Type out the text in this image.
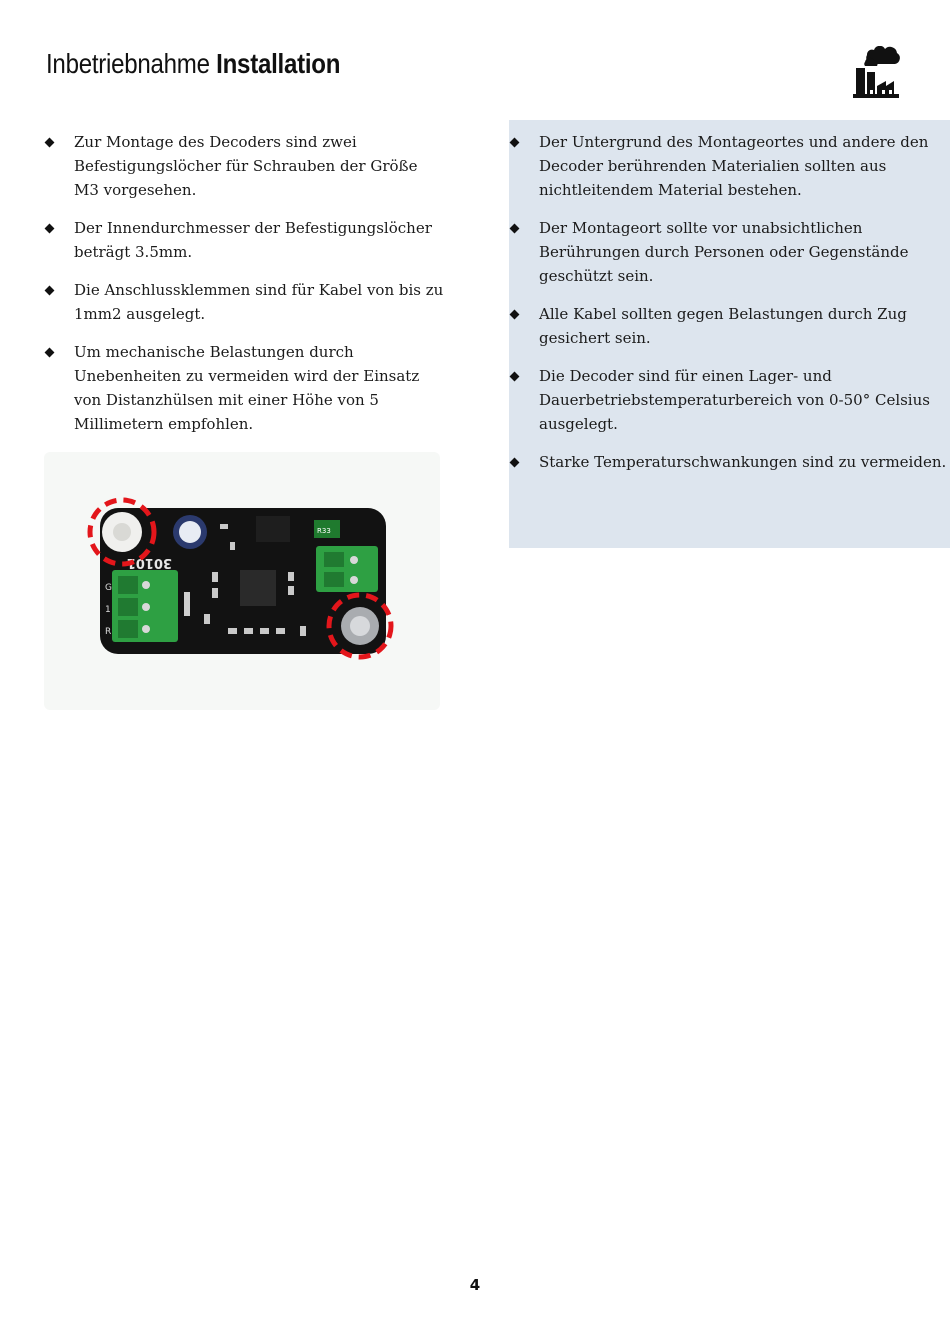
Inbetriebnahme Installation
Zur Montage des Decoders sind zwei Befestigungslöcher für Schrauben der Größe M3 vorgesehen.
Der Innendurchmesser der Befestigungslöcher beträgt 3.5mm.
Die Anschlussklemmen sind für Kabel von bis zu 1mm2 ausgelegt.
Um mechanische Belastungen durch Unebenheiten zu vermeiden wird der Einsatz von Distanzhülsen mit einer Höhe von 5 Millimetern empfohlen.
Der Untergrund des Montageortes und andere den Decoder berührenden Materialien sollten aus nichtleitendem Material bestehen.
Der Montageort sollte vor unabsichtlichen Berührungen durch Personen oder Gegenstände geschützt sein.
Alle Kabel sollten gegen Belastungen durch Zug gesichert sein.
Die Decoder sind für einen Lager- und Dauerbetriebstemperaturbereich von 0-50° Celsius ausgelegt.
Starke Temperaturschwankungen sind zu vermeiden.
R33
30101
G
1
R
4
